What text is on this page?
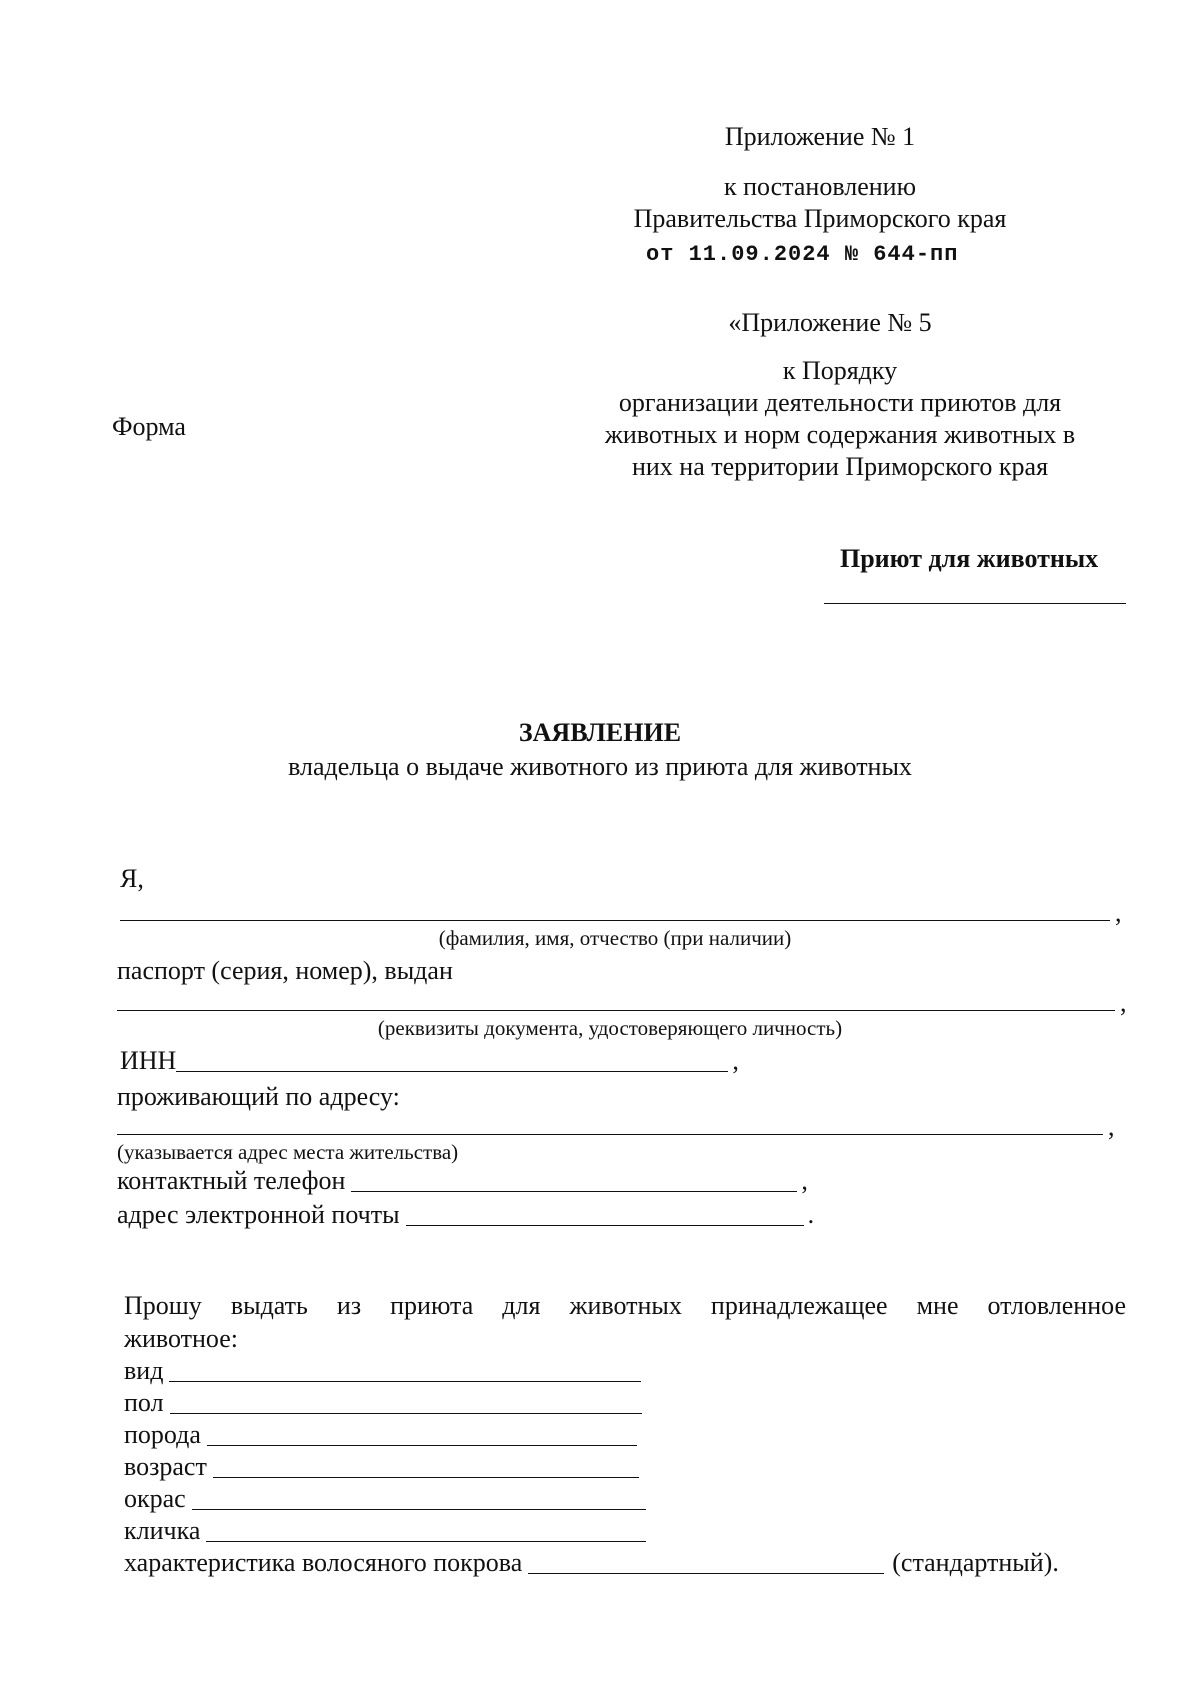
Приложение № 1
к постановлению
Правительства Приморского края
от 11.09.2024 № 644-пп
«Приложение № 5
к Порядку
организации деятельности приютов для
животных и норм содержания животных в
них на территории Приморского края
Форма
Приют для животных
ЗАЯВЛЕНИЕ
владельца о выдаче животного из приюта для животных
Я,
,
(фамилия, имя, отчество (при наличии)
паспорт (серия, номер), выдан
,
(реквизиты документа, удостоверяющего личность)
ИНН	,
проживающий по адресу:
,
(указывается адрес места жительства)
контактный телефон	,
адрес электронной почты	.
Прошу выдать из приюта для животных принадлежащее мне отловленное
животное:
вид
пол
порода
возраст
окрас
кличка
характеристика волосяного покрова	(стандартный).
